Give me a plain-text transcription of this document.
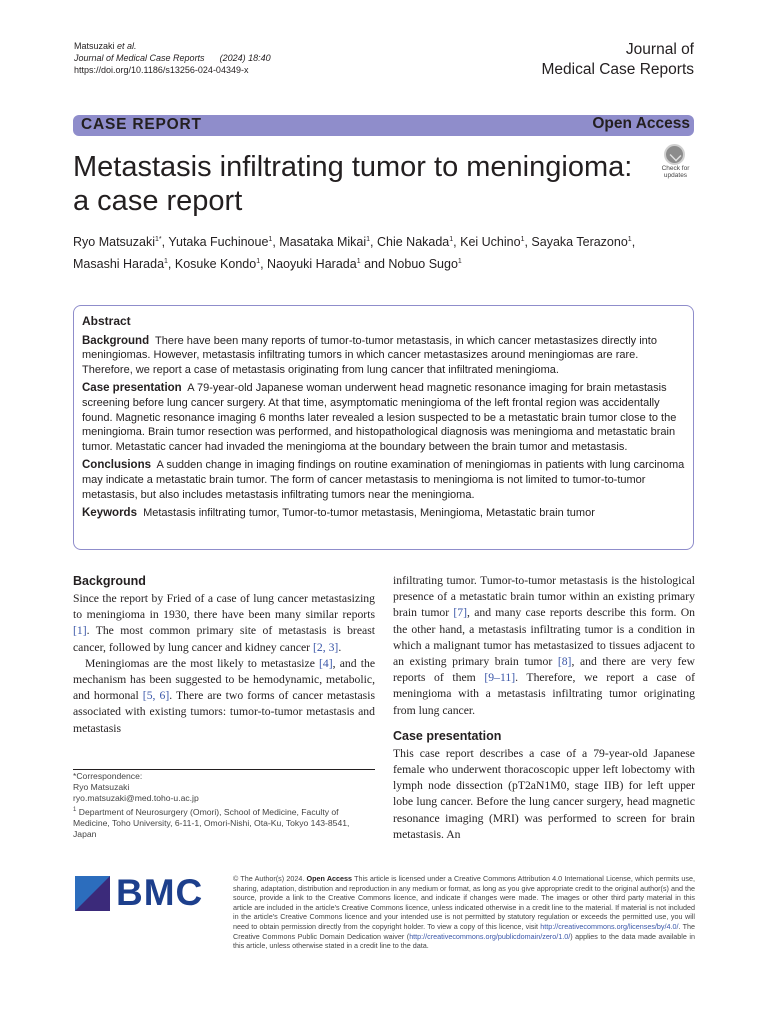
Matsuzaki et al.
Journal of Medical Case Reports (2024) 18:40
https://doi.org/10.1186/s13256-024-04349-x
Journal of
Medical Case Reports
CASE REPORT	Open Access
Metastasis infiltrating tumor to meningioma: a case report
Check for
updates
Ryo Matsuzaki$^{1*}$, Yutaka Fuchinoue$^1$, Masataka Mikai$^1$, Chie Nakada$^1$, Kei Uchino$^1$, Sayaka Terazono$^1$, Masashi Harada$^1$, Kosuke Kondo$^1$, Naoyuki Harada$^1$ and Nobuo Sugo$^1$
Abstract

Background There have been many reports of tumor-to-tumor metastasis, in which cancer metastasizes directly into meningiomas. However, metastasis infiltrating tumors in which cancer metastasizes around meningiomas are rare. Therefore, we report a case of metastasis originating from lung cancer that infiltrated meningioma.

Case presentation A 79-year-old Japanese woman underwent head magnetic resonance imaging for brain metastasis screening before lung cancer surgery. At that time, asymptomatic meningioma of the left frontal region was accidentally found. Magnetic resonance imaging 6 months later revealed a lesion suspected to be a metastatic brain tumor close to the meningioma. Brain tumor resection was performed, and histopathological diagnosis was meningioma and metastatic brain tumor. Metastatic cancer had invaded the meningioma at the boundary between the brain tumor and metastasis.

Conclusions A sudden change in imaging findings on routine examination of meningiomas in patients with lung carcinoma may indicate a metastatic brain tumor. The form of cancer metastasis to meningioma is not limited to tumor-to-tumor metastasis, but also includes metastasis infiltrating tumors near the meningioma.

Keywords Metastasis infiltrating tumor, Tumor-to-tumor metastasis, Meningioma, Metastatic brain tumor

Background

Since the report by Fried of a case of lung cancer metastasizing to meningioma in 1930, there have been many similar reports [1]. The most common primary site of metastasis is breast cancer, followed by lung cancer and kidney cancer [2, 3].

Meningiomas are the most likely to metastasize [4], and the mechanism has been suggested to be hemodynamic, metabolic, and hormonal [5, 6]. There are two forms of cancer metastasis associated with existing tumors: tumor-to-tumor metastasis and metastasis

infiltrating tumor. Tumor-to-tumor metastasis is the histological presence of a metastatic brain tumor within an existing primary brain tumor [7], and many case reports describe this form. On the other hand, a metastasis infiltrating tumor is a condition in which a malignant tumor has metastasized to tissues adjacent to an existing primary brain tumor [8], and there are very few reports of them [9–11]. Therefore, we report a case of meningioma with a metastasis infiltrating tumor originating from lung cancer.

Case presentation

This case report describes a case of a 79-year-old Japanese female who underwent thoracoscopic upper left lobectomy with lymph node dissection (pT2aN1M0, stage IIB) for left upper lobe lung cancer. Before the lung cancer surgery, head magnetic resonance imaging (MRI) was performed to screen for brain metastasis. An

*Correspondence:
Ryo Matsuzaki
ryo.matsuzaki@med.toho-u.ac.jp
$^1$ Department of Neurosurgery (Omori), School of Medicine, Faculty of Medicine, Toho University, 6-11-1, Omori-Nishi, Ota-Ku, Tokyo 143-8541, Japan
BMC	© The Author(s) 2024. Open Access This article is licensed under a Creative Commons Attribution 4.0 International License, which permits use, sharing, adaptation, distribution and reproduction in any medium or format, as long as you give appropriate credit to the original author(s) and the source, provide a link to the Creative Commons licence, and indicate if changes were made. The images or other third party material in this article are included in the article's Creative Commons licence, unless indicated otherwise in a credit line to the material. If material is not included in the article's Creative Commons licence and your intended use is not permitted by statutory regulation or exceeds the permitted use, you will need to obtain permission directly from the copyright holder. To view a copy of this licence, visit http://creativecommons.org/licenses/by/4.0/. The Creative Commons Public Domain Dedication waiver (http://creativecommons.org/publicdomain/zero/1.0/) applies to the data made available in this article, unless otherwise stated in a credit line to the data.
